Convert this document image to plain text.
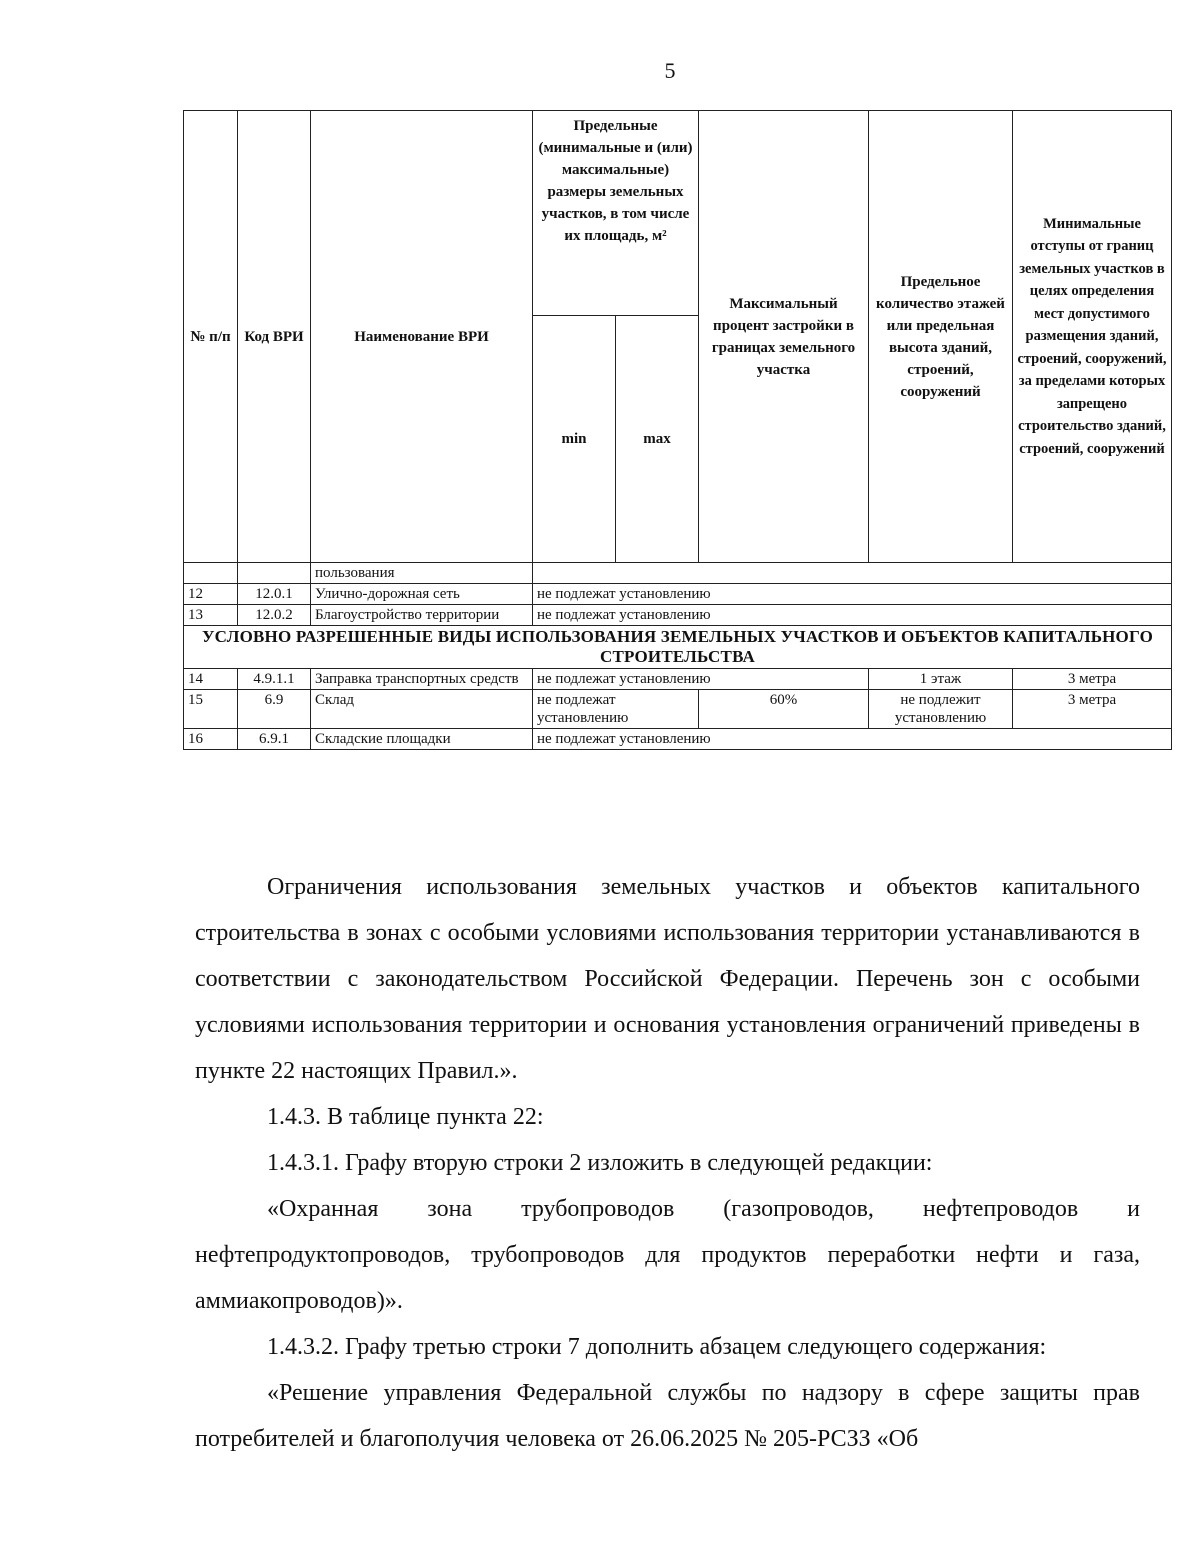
5
№ п/п	Код ВРИ	Наименование ВРИ	Предельные (минимальные и (или) максимальные) размеры земельных участков, в том числе их площадь, м²		Максимальный процент застройки в границах земельного участка	Предельное количество этажей или предельная высота зданий, строений, сооружений	Минимальные отступы от границ земельных участков в целях определения мест допустимого размещения зданий, строений, сооружений, за пределами которых запрещено строительство зданий, строений, сооружений
			min	max			
		пользования					
12	12.0.1	Улично-дорожная сеть	не подлежат установлению				
13	12.0.2	Благоустройство территории	не подлежат установлению				
УСЛОВНО РАЗРЕШЕННЫЕ ВИДЫ ИСПОЛЬЗОВАНИЯ ЗЕМЕЛЬНЫХ УЧАСТКОВ И ОБЪЕКТОВ КАПИТАЛЬНОГО СТРОИТЕЛЬСТВА							
14	4.9.1.1	Заправка транспортных средств	не подлежат установлению			1 этаж	3 метра
15	6.9	Склад	не подлежат установлению		60%	не подлежит установлению	3 метра
16	6.9.1	Складские площадки	не подлежат установлению				

Ограничения использования земельных участков и объектов капитального строительства в зонах с особыми условиями использования территории устанавливаются в соответствии с законодательством Российской Федерации. Перечень зон с особыми условиями использования территории и основания установления ограничений приведены в пункте 22 настоящих Правил.».

1.4.3. В таблице пункта 22:

1.4.3.1. Графу вторую строки 2 изложить в следующей редакции:

«Охранная зона трубопроводов (газопроводов, нефтепроводов и нефтепродуктопроводов, трубопроводов для продуктов переработки нефти и газа, аммиакопроводов)».

1.4.3.2. Графу третью строки 7 дополнить абзацем следующего содержания:

«Решение управления Федеральной службы по надзору в сфере защиты прав потребителей и благополучия человека от 26.06.2025 № 205-РСЗЗ «Об
